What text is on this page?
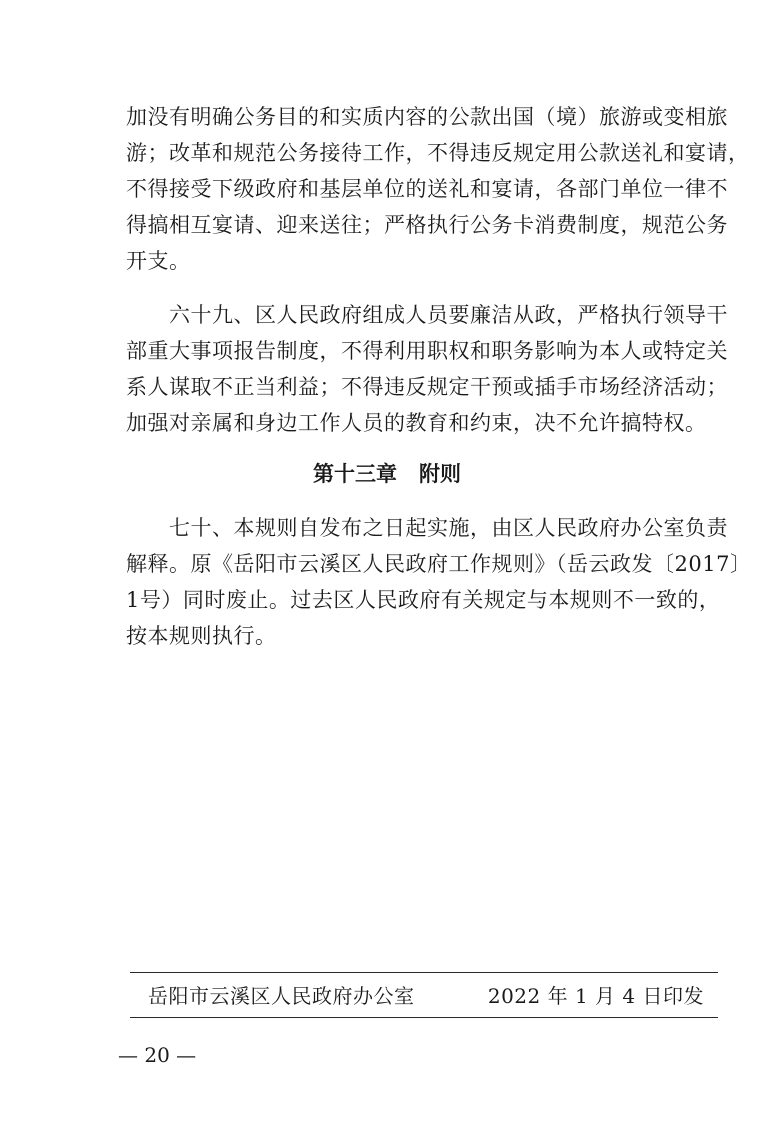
加没有明确公务目的和实质内容的公款出国（境）旅游或变相旅
游；改革和规范公务接待工作，不得违反规定用公款送礼和宴请，
不得接受下级政府和基层单位的送礼和宴请，各部门单位一律不
得搞相互宴请、迎来送往；严格执行公务卡消费制度，规范公务
开支。
　　六十九、区人民政府组成人员要廉洁从政，严格执行领导干
部重大事项报告制度，不得利用职权和职务影响为本人或特定关
系人谋取不正当利益；不得违反规定干预或插手市场经济活动；
加强对亲属和身边工作人员的教育和约束，决不允许搞特权。
第十三章 附则
　　七十、本规则自发布之日起实施，由区人民政府办公室负责
解释。原《岳阳市云溪区人民政府工作规则》（岳云政发〔2017〕
1号）同时废止。过去区人民政府有关规定与本规则不一致的，
按本规则执行。
岳阳市云溪区人民政府办公室	2022 年 1 月 4 日印发
— 20 —
